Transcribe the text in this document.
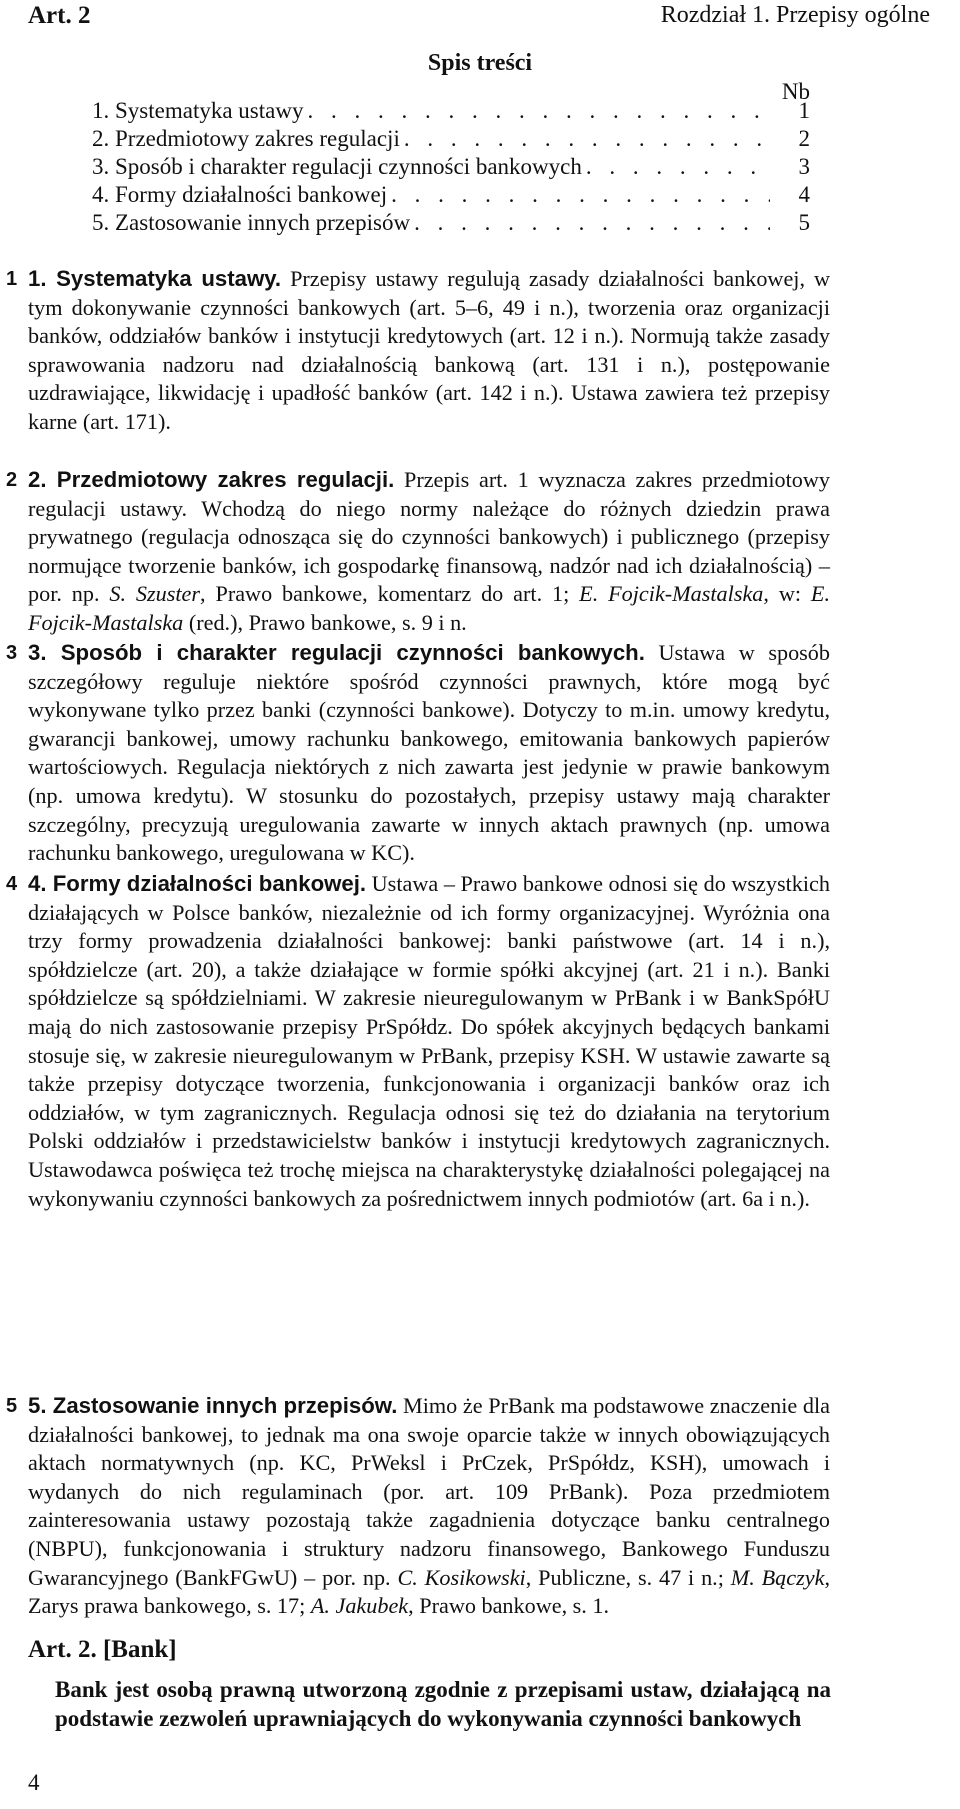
Art. 2	Rozdział 1. Przepisy ogólne
Spis treści
Nb
1. Systematyka ustawy . . .	1
2. Przedmiotowy zakres regulacji . . .	2
3. Sposób i charakter regulacji czynności bankowych . . .	3
4. Formy działalności bankowej . . .	4
5. Zastosowanie innych przepisów . . .	5
1 1. Systematyka ustawy. Przepisy ustawy regulują zasady działalności bankowej, w tym dokonywanie czynności bankowych (art. 5–6, 49 i n.), tworzenia oraz organizacji banków, oddziałów banków i instytucji kredytowych (art. 12 i n.). Normują także zasady sprawowania nadzoru nad działalnością bankową (art. 131 i n.), postępowanie uzdrawiające, likwidację i upadłość banków (art. 142 i n.). Ustawa zawiera też przepisy karne (art. 171).
2 2. Przedmiotowy zakres regulacji. Przepis art. 1 wyznacza zakres przedmiotowy regulacji ustawy. Wchodzą do niego normy należące do różnych dziedzin prawa prywatnego (regulacja odnosząca się do czynności bankowych) i publicznego (przepisy normujące tworzenie banków, ich gospodarkę finansową, nadzór nad ich działalnością) – por. np. S. Szuster, Prawo bankowe, komentarz do art. 1; E. Fojcik-Mastalska, w: E. Fojcik-Mastalska (red.), Prawo bankowe, s. 9 i n.
3 3. Sposób i charakter regulacji czynności bankowych. Ustawa w sposób szczegółowy reguluje niektóre spośród czynności prawnych, które mogą być wykonywane tylko przez banki (czynności bankowe). Dotyczy to m.in. umowy kredytu, gwarancji bankowej, umowy rachunku bankowego, emitowania bankowych papierów wartościowych. Regulacja niektórych z nich zawarta jest jedynie w prawie bankowym (np. umowa kredytu). W stosunku do pozostałych, przepisy ustawy mają charakter szczególny, precyzują uregulowania zawarte w innych aktach prawnych (np. umowa rachunku bankowego, uregulowana w KC).
4 4. Formy działalności bankowej. Ustawa – Prawo bankowe odnosi się do wszystkich działających w Polsce banków, niezależnie od ich formy organizacyjnej. Wyróżnia ona trzy formy prowadzenia działalności bankowej: banki państwowe (art. 14 i n.), spółdzielcze (art. 20), a także działające w formie spółki akcyjnej (art. 21 i n.). Banki spółdzielcze są spółdzielniami. W zakresie nieuregulowanym w PrBank i w BankSpółU mają do nich zastosowanie przepisy PrSpółdz. Do spółek akcyjnych będących bankami stosuje się, w zakresie nieuregulowanym w PrBank, przepisy KSH. W ustawie zawarte są także przepisy dotyczące tworzenia, funkcjonowania i organizacji banków oraz ich oddziałów, w tym zagranicznych. Regulacja odnosi się też do działania na terytorium Polski oddziałów i przedstawicielstw banków i instytucji kredytowych zagranicznych. Ustawodawca poświęca też trochę miejsca na charakterystykę działalności polegającej na wykonywaniu czynności bankowych za pośrednictwem innych podmiotów (art. 6a i n.).
5 5. Zastosowanie innych przepisów. Mimo że PrBank ma podstawowe znaczenie dla działalności bankowej, to jednak ma ona swoje oparcie także w innych obowiązujących aktach normatywnych (np. KC, PrWeksl i PrCzek, PrSpółdz, KSH), umowach i wydanych do nich regulaminach (por. art. 109 PrBank). Poza przedmiotem zainteresowania ustawy pozostają także zagadnienia dotyczące banku centralnego (NBPU), funkcjonowania i struktury nadzoru finansowego, Bankowego Funduszu Gwarancyjnego (BankFGwU) – por. np. C. Kosikowski, Publiczne, s. 47 i n.; M. Bączyk, Zarys prawa bankowego, s. 17; A. Jakubek, Prawo bankowe, s. 1.
Art. 2. [Bank]
Bank jest osobą prawną utworzoną zgodnie z przepisami ustaw, działającą na podstawie zezwoleń uprawniających do wykonywania czynności bankowych
4
